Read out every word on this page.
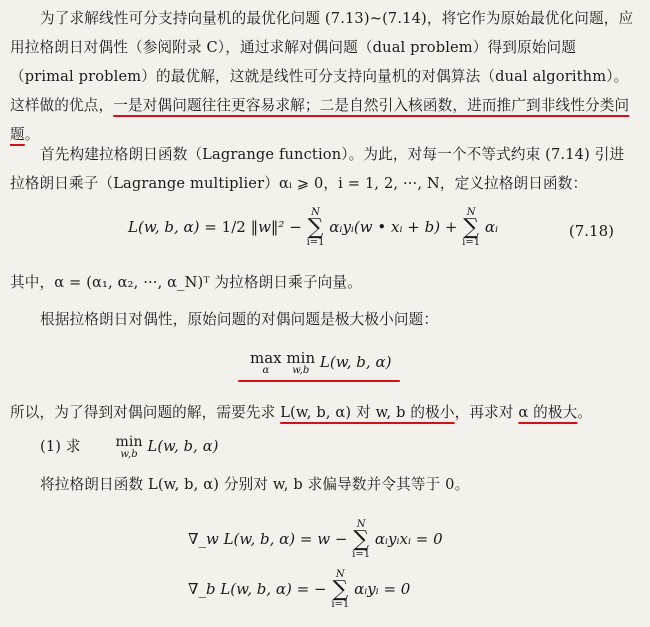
为了求解线性可分支持向量机的最优化问题 (7.13)~(7.14)，将它作为原始最优化问题，应用拉格朗日对偶性（参阅附录 C），通过求解对偶问题（dual problem）得到原始问题（primal problem）的最优解，这就是线性可分支持向量机的对偶算法（dual algorithm）。这样做的优点，一是对偶问题往往更容易求解；二是自然引入核函数，进而推广到非线性分类问题。
首先构建拉格朗日函数（Lagrange function）。为此，对每一个不等式约束 (7.14) 引进拉格朗日乘子（Lagrange multiplier）αᵢ ⩾ 0，i = 1, 2, ···, N，定义拉格朗日函数：
L(w, b, α) = 1/2 ‖w‖² −
N
∑
i=1
αᵢyᵢ(w • xᵢ + b) +
N
∑
i=1
αᵢ	(7.18)
其中，α = (α₁, α₂, ···, α_N)ᵀ 为拉格朗日乘子向量。
根据拉格朗日对偶性，原始问题的对偶问题是极大极小问题：
max
α

min
w,b L(w, b, α)
所以，为了得到对偶问题的解，需要先求 L(w, b, α) 对 w, b 的极小，再求对 α 的极大。
(1) 求	min
w,b L(w, b, α)
将拉格朗日函数 L(w, b, α) 分别对 w, b 求偏导数并令其等于 0。
∇_w L(w, b, α) = w −
N
∑
i=1
αᵢyᵢxᵢ = 0
∇_b L(w, b, α) = −
N
∑
i=1
αᵢyᵢ = 0
